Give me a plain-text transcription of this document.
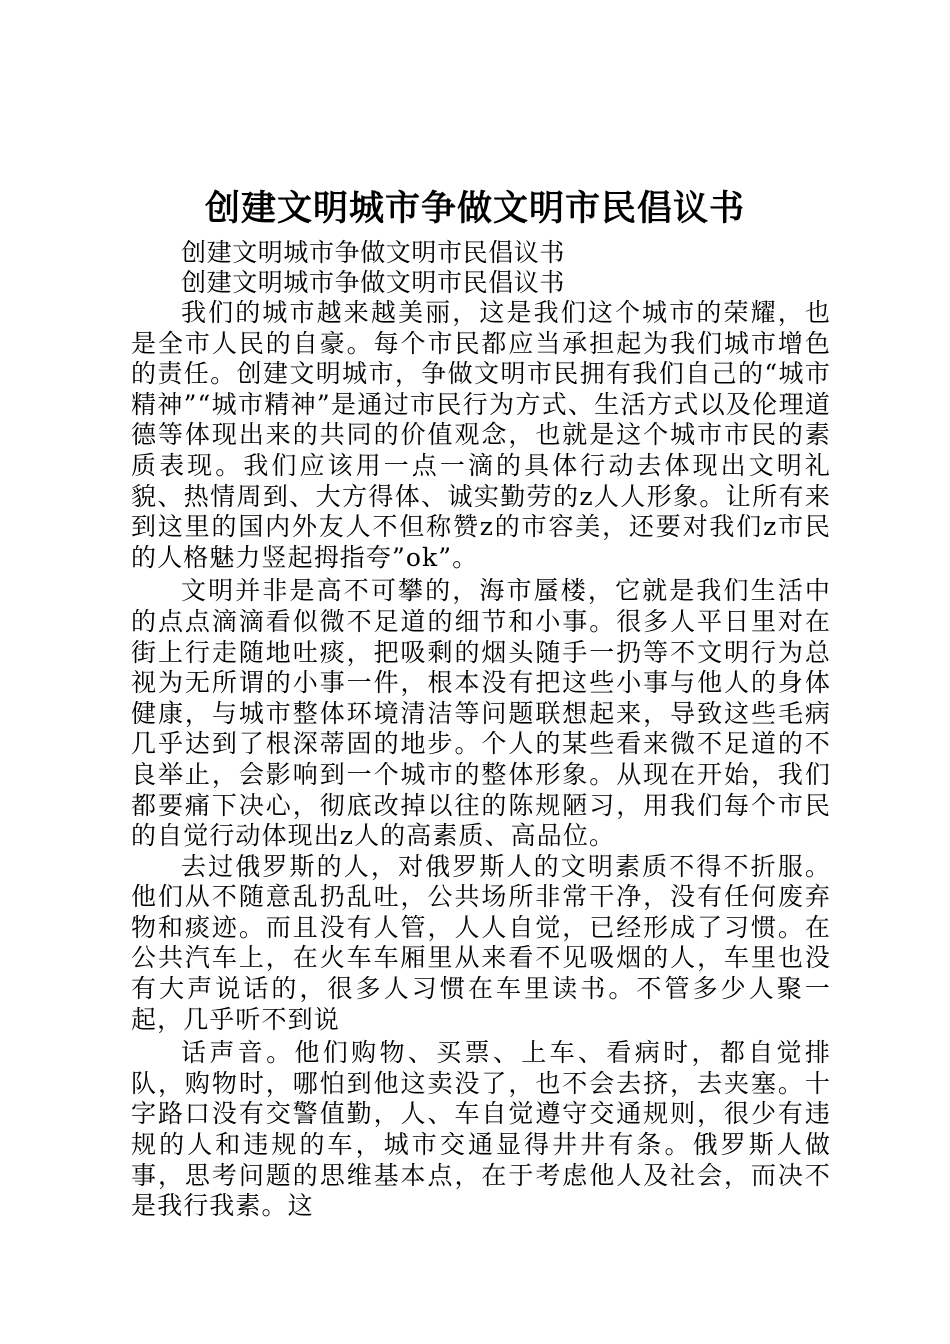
创建文明城市争做文明市民倡议书

创建文明城市争做文明市民倡议书

创建文明城市争做文明市民倡议书

我们的城市越来越美丽，这是我们这个城市的荣耀，也是全市人民的自豪。每个市民都应当承担起为我们城市增色的责任。创建文明城市，争做文明市民拥有我们自己的“城市精神”“城市精神”是通过市民行为方式、生活方式以及伦理道德等体现出来的共同的价值观念，也就是这个城市市民的素质表现。我们应该用一点一滴的具体行动去体现出文明礼貌、热情周到、大方得体、诚实勤劳的z人人形象。让所有来到这里的国内外友人不但称赞z的市容美，还要对我们z市民的人格魅力竖起拇指夸”ok”。

文明并非是高不可攀的，海市蜃楼，它就是我们生活中的点点滴滴看似微不足道的细节和小事。很多人平日里对在街上行走随地吐痰，把吸剩的烟头随手一扔等不文明行为总视为无所谓的小事一件，根本没有把这些小事与他人的身体健康，与城市整体环境清洁等问题联想起来，导致这些毛病几乎达到了根深蒂固的地步。个人的某些看来微不足道的不良举止，会影响到一个城市的整体形象。从现在开始，我们都要痛下决心，彻底改掉以往的陈规陋习，用我们每个市民的自觉行动体现出z人的高素质、高品位。

去过俄罗斯的人，对俄罗斯人的文明素质不得不折服。他们从不随意乱扔乱吐，公共场所非常干净，没有任何废弃物和痰迹。而且没有人管，人人自觉，已经形成了习惯。在公共汽车上，在火车车厢里从来看不见吸烟的人，车里也没有大声说话的，很多人习惯在车里读书。不管多少人聚一起，几乎听不到说

话声音。他们购物、买票、上车、看病时，都自觉排队，购物时，哪怕到他这卖没了，也不会去挤，去夹塞。十字路口没有交警值勤，人、车自觉遵守交通规则，很少有违规的人和违规的车，城市交通显得井井有条。俄罗斯人做事，思考问题的思维基本点，在于考虑他人及社会，而决不是我行我素。这
